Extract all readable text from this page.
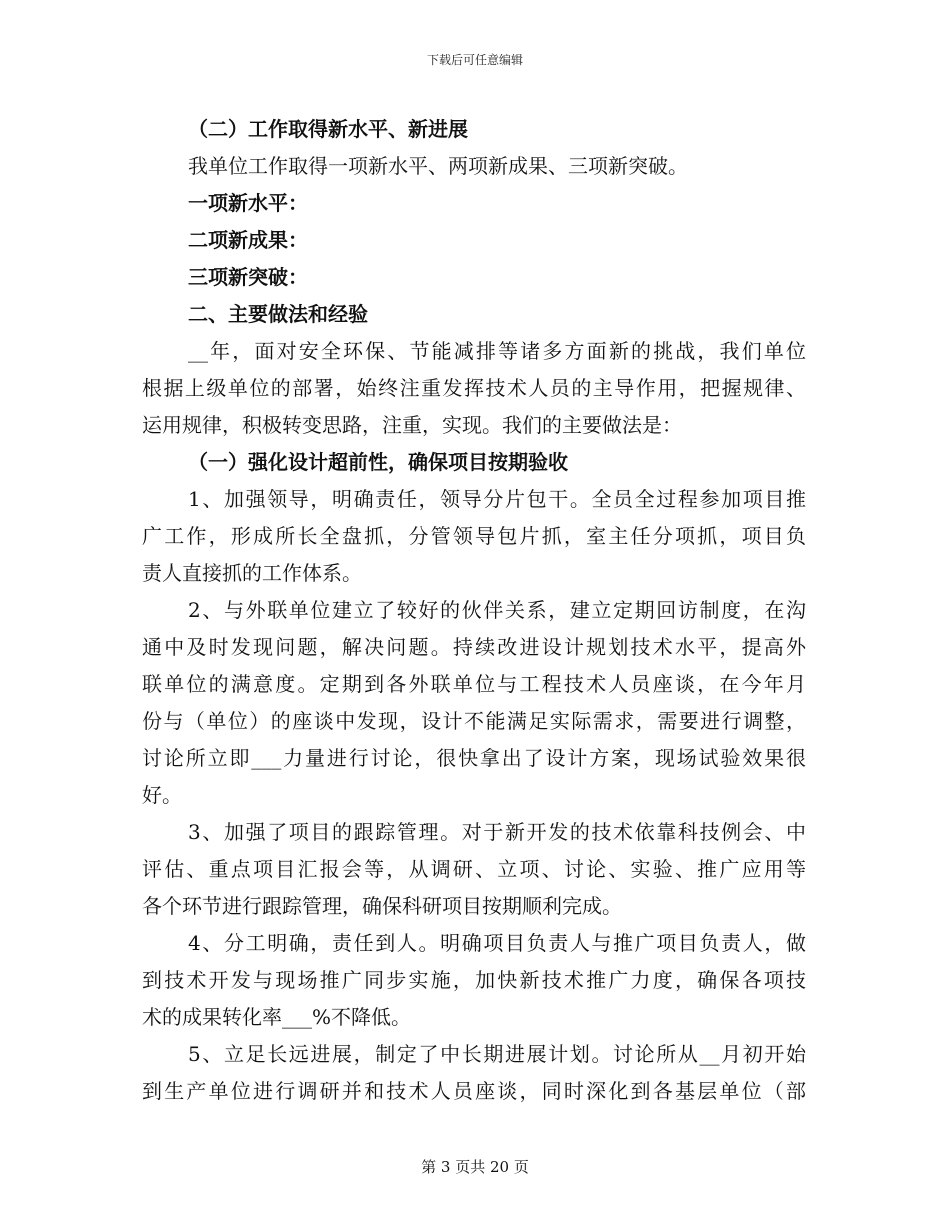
下载后可任意编辑
（二）工作取得新水平、新进展
我单位工作取得一项新水平、两项新成果、三项新突破。
一项新水平：
二项新成果：
三项新突破：
二、主要做法和经验
__年，面对安全环保、节能减排等诸多方面新的挑战，我们单位
根据上级单位的部署，始终注重发挥技术人员的主导作用，把握规律、
运用规律，积极转变思路，注重，实现。我们的主要做法是：
（一）强化设计超前性，确保项目按期验收
1、加强领导，明确责任，领导分片包干。全员全过程参加项目推
广工作，形成所长全盘抓，分管领导包片抓，室主任分项抓，项目负
责人直接抓的工作体系。
2、与外联单位建立了较好的伙伴关系，建立定期回访制度，在沟
通中及时发现问题，解决问题。持续改进设计规划技术水平，提高外
联单位的满意度。定期到各外联单位与工程技术人员座谈，在今年月
份与（单位）的座谈中发现，设计不能满足实际需求，需要进行调整，
讨论所立即___力量进行讨论，很快拿出了设计方案，现场试验效果很
好。
3、加强了项目的跟踪管理。对于新开发的技术依靠科技例会、中
评估、重点项目汇报会等，从调研、立项、讨论、实验、推广应用等
各个环节进行跟踪管理，确保科研项目按期顺利完成。
4、分工明确，责任到人。明确项目负责人与推广项目负责人，做
到技术开发与现场推广同步实施，加快新技术推广力度，确保各项技
术的成果转化率___%不降低。
5、立足长远进展，制定了中长期进展计划。讨论所从__月初开始
到生产单位进行调研并和技术人员座谈，同时深化到各基层单位（部
第 3 页共 20 页
